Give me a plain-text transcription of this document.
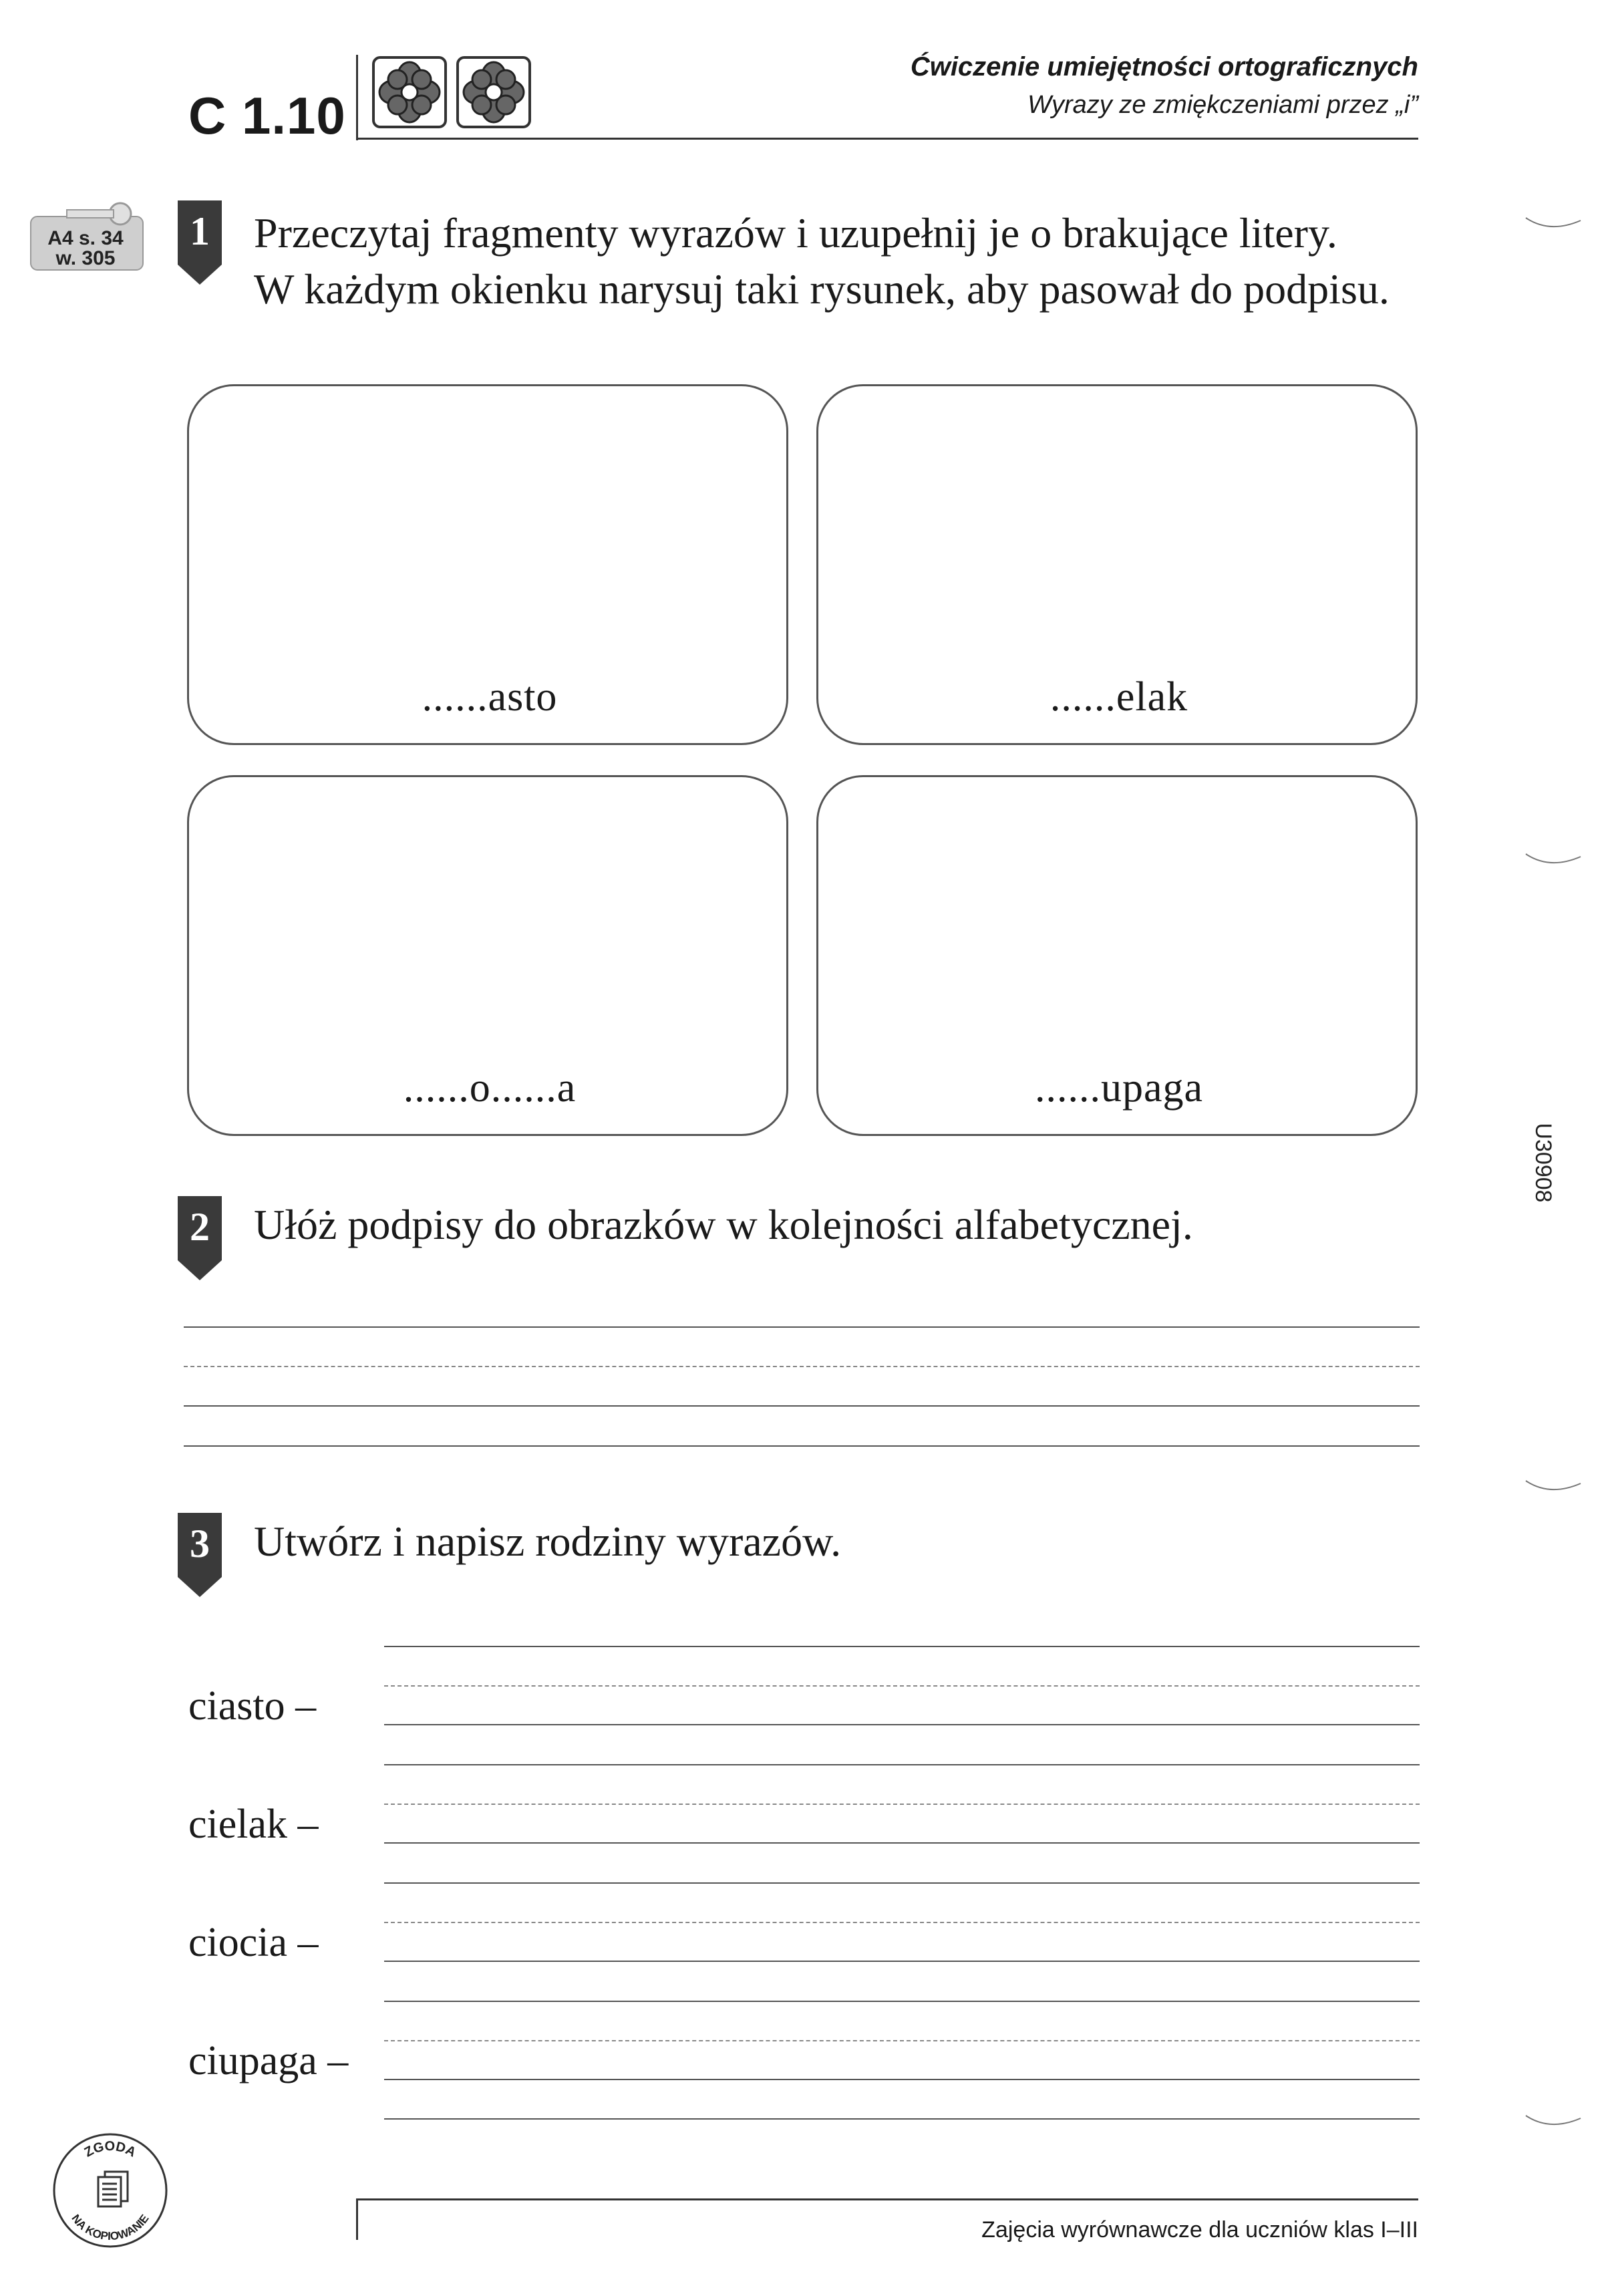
C 1.10
Ćwiczenie umiejętności ortograficznych
Wyrazy ze zmiękczeniami przez „i”
A4 s. 34
w. 305
1 Przeczytaj fragmenty wyrazów i uzupełnij je o brakujące litery.
W każdym okienku narysuj taki rysunek, aby pasował do podpisu.
......asto	......elak
......o......a	......upaga
2 Ułóż podpisy do obrazków w kolejności alfabetycznej.
3 Utwórz i napisz rodziny wyrazów.
ciasto –
cielak –
ciocia –
ciupaga –
Zajęcia wyrównawcze dla uczniów klas I–III
ZGODA
NA KOPIOWANIE
U30908
